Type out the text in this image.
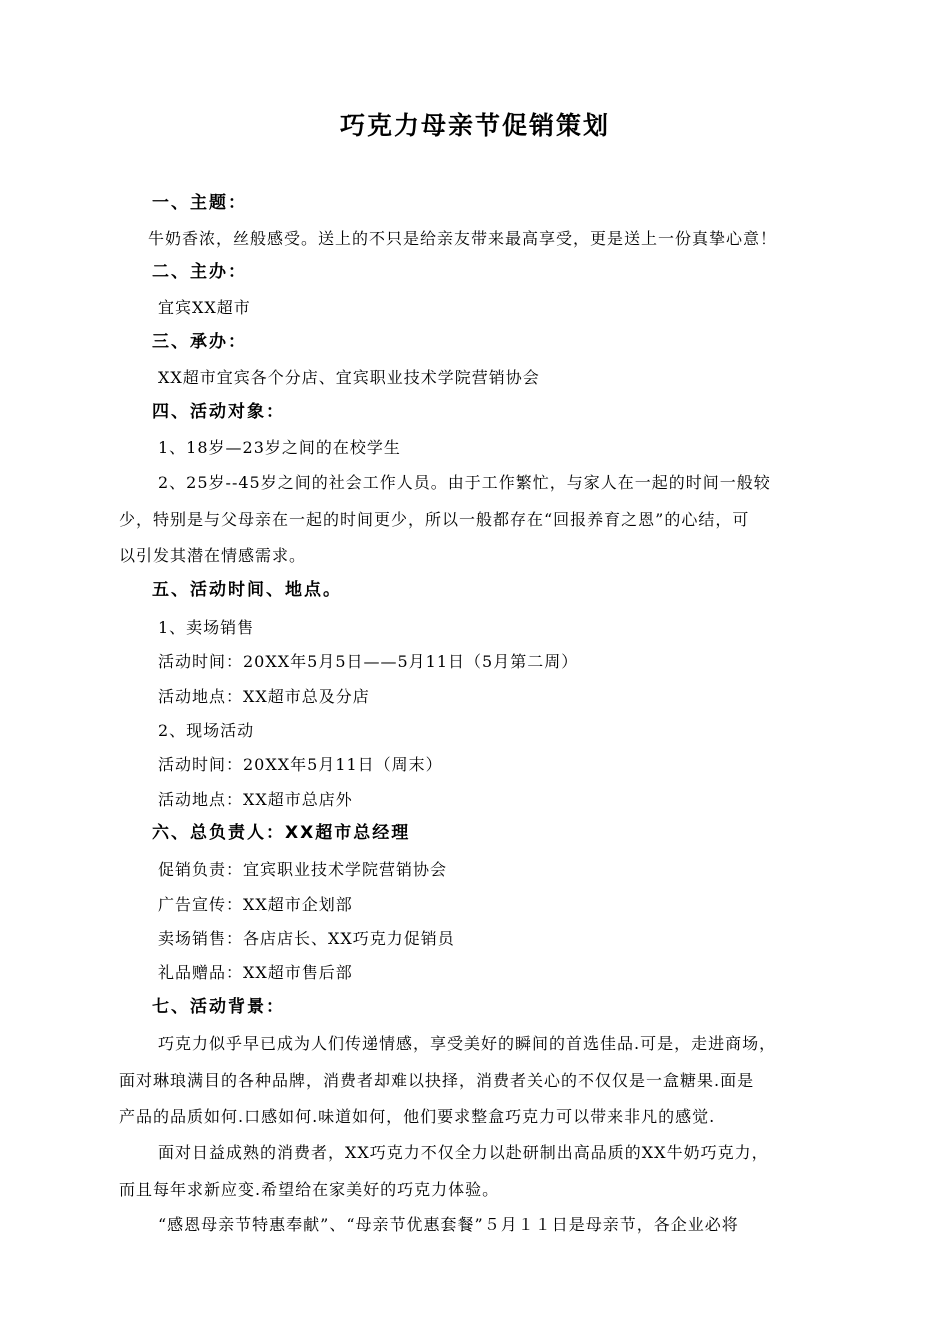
巧克力母亲节促销策划
一、主题：
牛奶香浓，丝般感受。送上的不只是给亲友带来最高享受，更是送上一份真挚心意！
二、主办：
宜宾XX超市
三、承办：
XX超市宜宾各个分店、宜宾职业技术学院营销协会
四、活动对象：
1、18岁—23岁之间的在校学生
2、25岁--45岁之间的社会工作人员。由于工作繁忙，与家人在一起的时间一般较
少，特别是与父母亲在一起的时间更少，所以一般都存在“回报养育之恩”的心结，可
以引发其潜在情感需求。
五、活动时间、地点。
1、卖场销售
活动时间：20XX年5月5日——5月11日（5月第二周）
活动地点：XX超市总及分店
2、现场活动
活动时间：20XX年5月11日（周末）
活动地点：XX超市总店外
六、总负责人：XX超市总经理
促销负责：宜宾职业技术学院营销协会
广告宣传：XX超市企划部
卖场销售：各店店长、XX巧克力促销员
礼品赠品：XX超市售后部
七、活动背景：
巧克力似乎早已成为人们传递情感，享受美好的瞬间的首选佳品.可是，走进商场，
面对琳琅满目的各种品牌，消费者却难以抉择，消费者关心的不仅仅是一盒糖果.面是
产品的品质如何.口感如何.味道如何，他们要求整盒巧克力可以带来非凡的感觉.
面对日益成熟的消费者，XX巧克力不仅全力以赴研制出高品质的XX牛奶巧克力，
而且每年求新应变.希望给在家美好的巧克力体验。
“感恩母亲节特惠奉献”、“母亲节优惠套餐”５月１１日是母亲节，各企业必将
